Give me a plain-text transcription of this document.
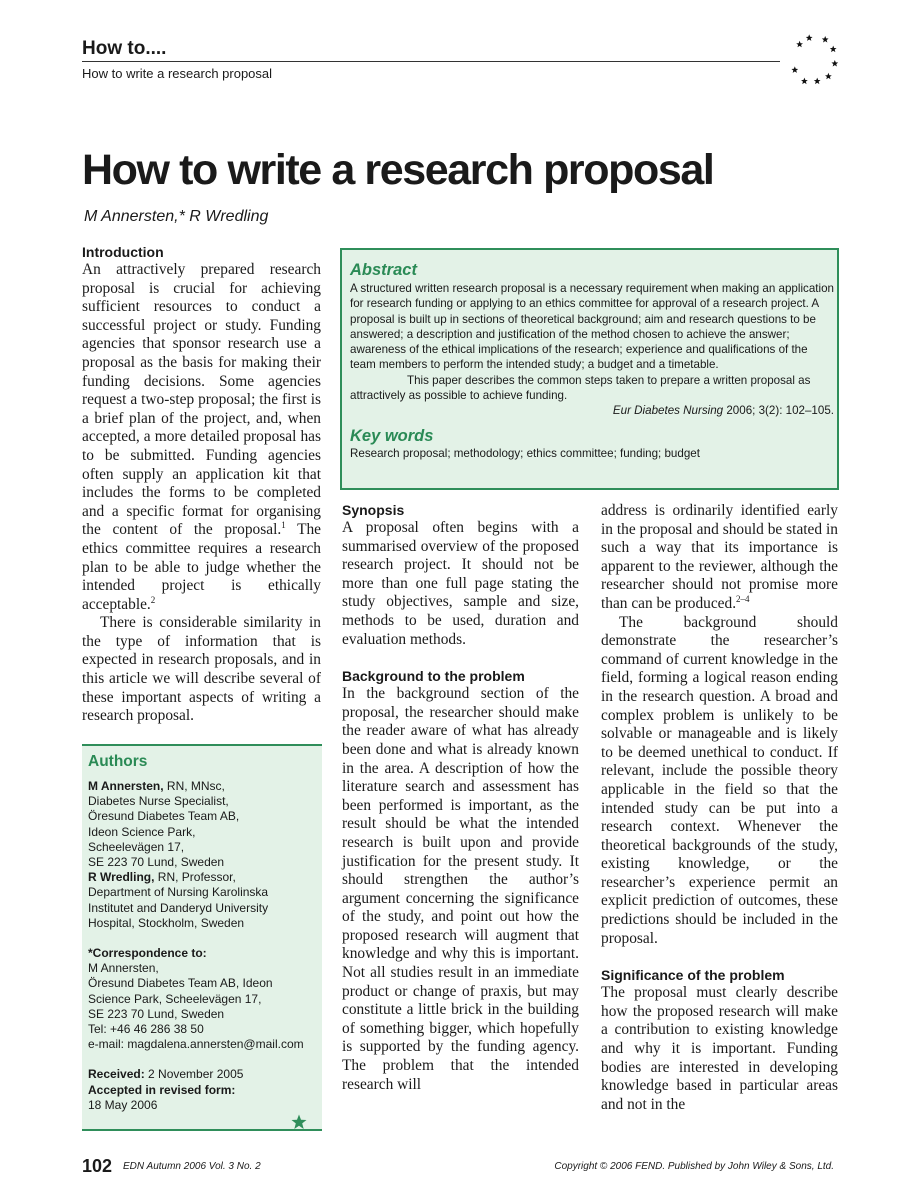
How to....
How to write a research proposal
How to write a research proposal
M Annersten,* R Wredling
Introduction

An attractively prepared research proposal is crucial for achieving sufficient resources to conduct a successful project or study. Funding agencies that sponsor research use a proposal as the basis for making their funding decisions. Some agencies request a two-step proposal; the first is a brief plan of the project, and, when accepted, a more detailed proposal has to be submitted. Funding agencies often supply an application kit that includes the forms to be completed and a specific format for organising the content of the proposal.$^1$ The ethics committee requires a research plan to be able to judge whether the intended project is ethically acceptable.$^2$

There is considerable similarity in the type of information that is expected in research proposals, and in this article we will describe several of these important aspects of writing a research proposal.

Authors
M Annersten, RN, MNsc,
Diabetes Nurse Specialist,
Öresund Diabetes Team AB,
Ideon Science Park,
Scheelevägen 17,
SE 223 70 Lund, Sweden
R Wredling, RN, Professor,
Department of Nursing Karolinska
Institutet and Danderyd University
Hospital, Stockholm, Sweden
*Correspondence to:
M Annersten,
Öresund Diabetes Team AB, Ideon
Science Park, Scheelevägen 17,
SE 223 70 Lund, Sweden
Tel: +46 46 286 38 50
e-mail: magdalena.annersten@mail.com
Received: 2 November 2005
Accepted in revised form:
18 May 2006
Abstract
A structured written research proposal is a necessary requirement when making an application for research funding or applying to an ethics committee for approval of a research project. A proposal is built up in sections of theoretical background; aim and research questions to be answered; a description and justification of the method chosen to achieve the answer; awareness of the ethical implications of the research; experience and qualifications of the team members to perform the intended study; a budget and a timetable.
This paper describes the common steps taken to prepare a written proposal as attractively as possible to achieve funding.
Eur Diabetes Nursing 2006; 3(2): 102–105.
Key words
Research proposal; methodology; ethics committee; funding; budget
Synopsis

A proposal often begins with a summarised overview of the proposed research project. It should not be more than one full page stating the study objectives, sample and size, methods to be used, duration and evaluation methods.

Background to the problem

In the background section of the proposal, the researcher should make the reader aware of what has already been done and what is already known in the area. A description of how the literature search and assessment has been performed is important, as the result should be what the intended research is built upon and provide justification for the present study. It should strengthen the author’s argument concerning the significance of the study, and point out how the proposed research will augment that knowledge and why this is important. Not all studies result in an immediate product or change of praxis, but may constitute a little brick in the building of something bigger, which hopefully is supported by the funding agency. The problem that the intended research will

address is ordinarily identified early in the proposal and should be stated in such a way that its importance is apparent to the reviewer, although the researcher should not promise more than can be produced.$^{2-4}$

The background should demonstrate the researcher’s command of current knowledge in the field, forming a logical reason ending in the research question. A broad and complex problem is unlikely to be solvable or manageable and is likely to be deemed unethical to conduct. If relevant, include the possible theory applicable in the field so that the intended study can be put into a research context. Whenever the theoretical backgrounds of the study, existing knowledge, or the researcher’s experience permit an explicit prediction of outcomes, these predictions should be included in the proposal.

Significance of the problem

The proposal must clearly describe how the proposed research will make a contribution to existing knowledge and why it is important. Funding bodies are interested in developing knowledge based in particular areas and not in the

102 EDN Autumn 2006 Vol. 3 No. 2	Copyright © 2006 FEND. Published by John Wiley & Sons, Ltd.
